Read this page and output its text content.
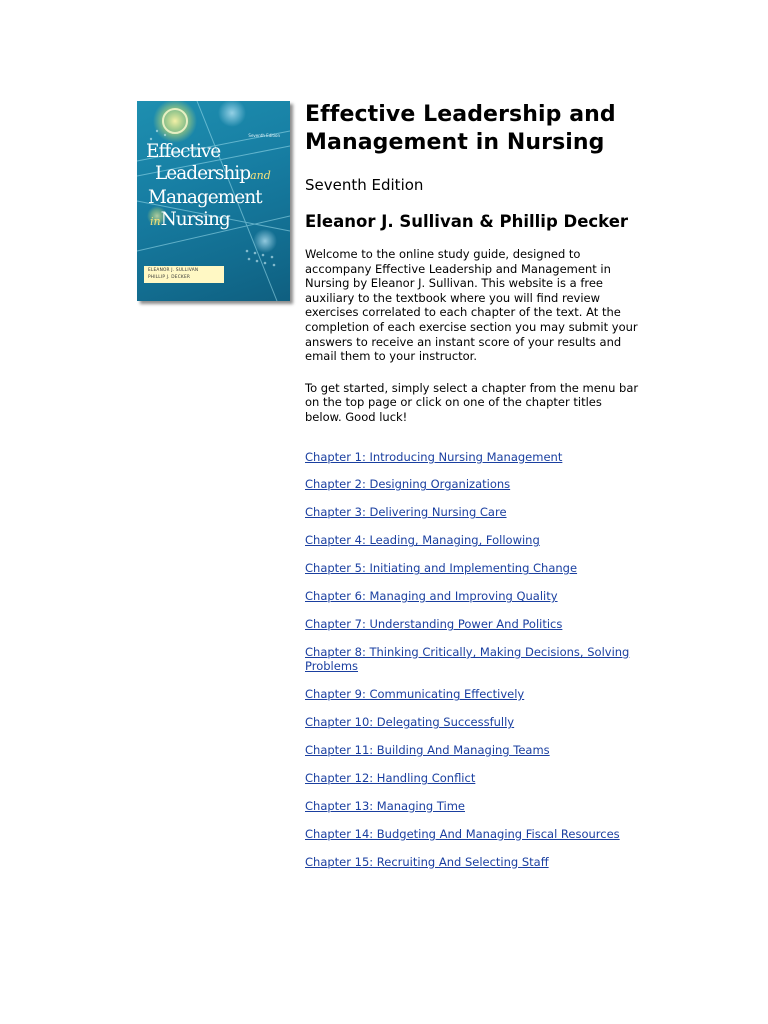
Seventh Edition
Effective
Leadershipand
Management
inNursing
ELEANOR J. SULLIVAN
PHILLIP J. DECKER
Effective Leadership and Management in Nursing
Seventh Edition
Eleanor J. Sullivan & Phillip Decker

Welcome to the online study guide, designed to accompany Effective Leadership and Management in Nursing by Eleanor J. Sullivan. This website is a free auxiliary to the textbook where you will find review exercises correlated to each chapter of the text. At the completion of each exercise section you may submit your answers to receive an instant score of your results and email them to your instructor.

To get started, simply select a chapter from the menu bar on the top page or click on one of the chapter titles below. Good luck!

Chapter 1: Introducing Nursing Management
Chapter 2: Designing Organizations
Chapter 3: Delivering Nursing Care
Chapter 4: Leading, Managing, Following
Chapter 5: Initiating and Implementing Change
Chapter 6: Managing and Improving Quality
Chapter 7: Understanding Power And Politics
Chapter 8: Thinking Critically, Making Decisions, Solving Problems
Chapter 9: Communicating Effectively
Chapter 10: Delegating Successfully
Chapter 11: Building And Managing Teams
Chapter 12: Handling Conflict
Chapter 13: Managing Time
Chapter 14: Budgeting And Managing Fiscal Resources
Chapter 15: Recruiting And Selecting Staff
